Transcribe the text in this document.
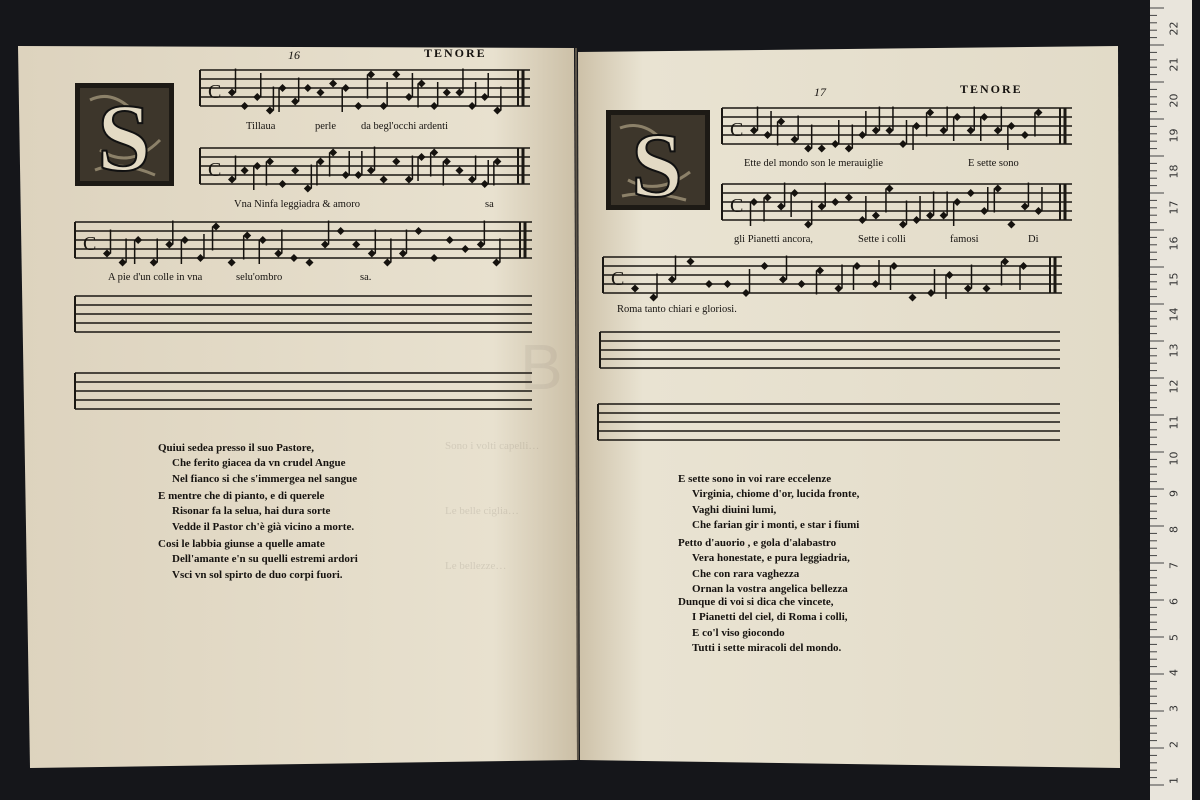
S	S
C
C
C
C
C
C
Sono i volti capelli…
Le belle ciglia…
Le bellezze…
B
16	TENORE
Tillaua	perle da begl'occhi ardenti
Vna Ninfa leggiadra & amoro	sa
A pie d'un colle in vna	selu'ombro	sa.
Quiui sedea presso il suo Pastore,
Che ferito giacea da vn crudel Angue
Nel fianco si che s'immergea nel sangue
E mentre che di pianto, e di querele
Risonar fa la selua, hai dura sorte
Vedde il Pastor ch'è già vicino a morte.
Cosi le labbia giunse a quelle amate
Dell'amante e'n su quelli estremi ardori
Vsci vn sol spirto de duo corpi fuori.
17	TENORE
Ette del mondo son le merauiglie	E sette sono
gli Pianetti ancora,	Sette i colli	famosi	Di
Roma tanto chiari e gloriosi.
E sette sono in voi rare eccelenze
Virginia, chiome d'or, lucida fronte,
Vaghi diuini lumi,
Che farian gir i monti, e star i fiumi
Petto d'auorio , e gola d'alabastro
Vera honestate, e pura leggiadria,
Che con rara vaghezza
Ornan la vostra angelica bellezza
Dunque di voi si dica che vincete,
I Pianetti del ciel, di Roma i colli,
E co'l viso giocondo
Tutti i sette miracoli del mondo.
22
21
20
19
18
17
16
15
14
13
12
11
10
9
8
7
6
5
4
3
2
1
